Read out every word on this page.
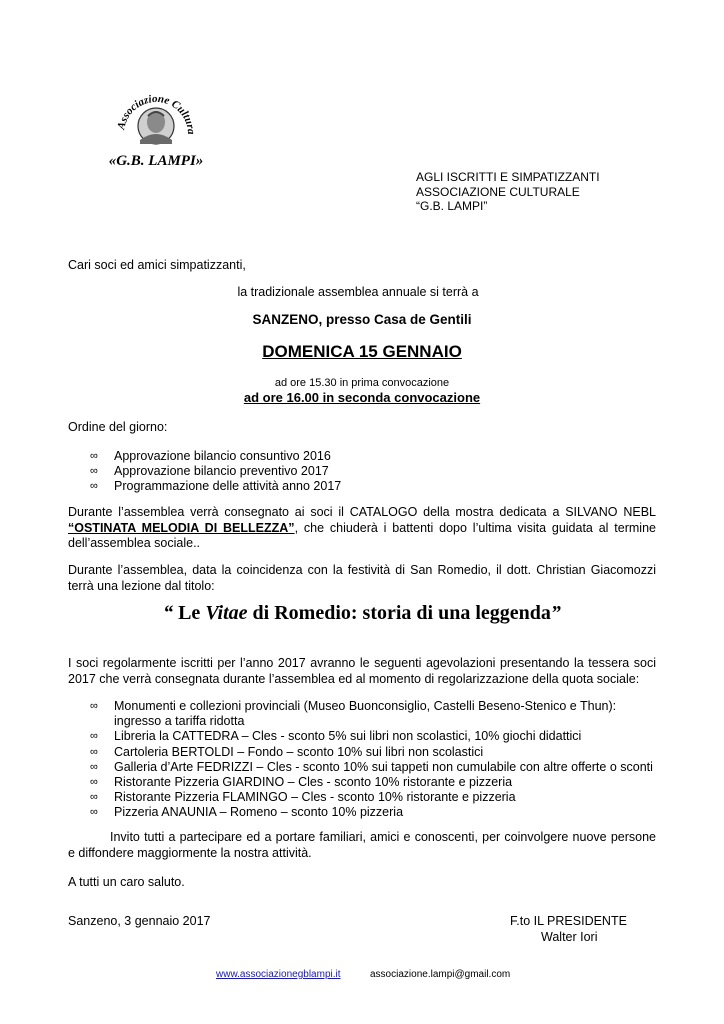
Associazione Cultura
«G.B. LAMPI»
AGLI ISCRITTI E SIMPATIZZANTI
ASSOCIAZIONE CULTURALE
“G.B. LAMPI”
Cari soci ed amici simpatizzanti,
la tradizionale assemblea annuale si terrà a
SANZENO, presso Casa de Gentili
DOMENICA 15 GENNAIO
ad ore 15.30 in prima convocazione
ad ore 16.00 in seconda convocazione
Ordine del giorno:
∞ Approvazione bilancio consuntivo 2016
∞ Approvazione bilancio preventivo 2017
∞ Programmazione delle attività anno 2017
Durante l’assemblea verrà consegnato ai soci il CATALOGO della mostra dedicata a SILVANO NEBL “OSTINATA MELODIA DI BELLEZZA”, che chiuderà i battenti dopo l’ultima visita guidata al termine dell’assemblea sociale..
Durante l’assemblea, data la coincidenza con la festività di San Romedio, il dott. Christian Giacomozzi terrà una lezione dal titolo:
“ Le Vitae di Romedio: storia di una leggenda”
I soci regolarmente iscritti per l’anno 2017 avranno le seguenti agevolazioni presentando la tessera soci 2017 che verrà consegnata durante l’assemblea ed al momento di regolarizzazione della quota sociale:
∞ Monumenti e collezioni provinciali (Museo Buonconsiglio, Castelli Beseno-Stenico e Thun): ingresso a tariffa ridotta
∞ Libreria la CATTEDRA – Cles - sconto 5% sui libri non scolastici, 10% giochi didattici
∞ Cartoleria BERTOLDI – Fondo – sconto 10% sui libri non scolastici
∞ Galleria d’Arte FEDRIZZI – Cles - sconto 10% sui tappeti non cumulabile con altre offerte o sconti
∞ Ristorante Pizzeria GIARDINO – Cles - sconto 10% ristorante e pizzeria
∞ Ristorante Pizzeria FLAMINGO – Cles - sconto 10% ristorante e pizzeria
∞ Pizzeria ANAUNIA – Romeno – sconto 10% pizzeria
Invito tutti a partecipare ed a portare familiari, amici e conoscenti, per coinvolgere nuove persone e diffondere maggiormente la nostra attività.
A tutti un caro saluto.
Sanzeno, 3 gennaio 2017	F.to IL PRESIDENTE
Walter Iori
www.associazionegblampi.it	associazione.lampi@gmail.com
